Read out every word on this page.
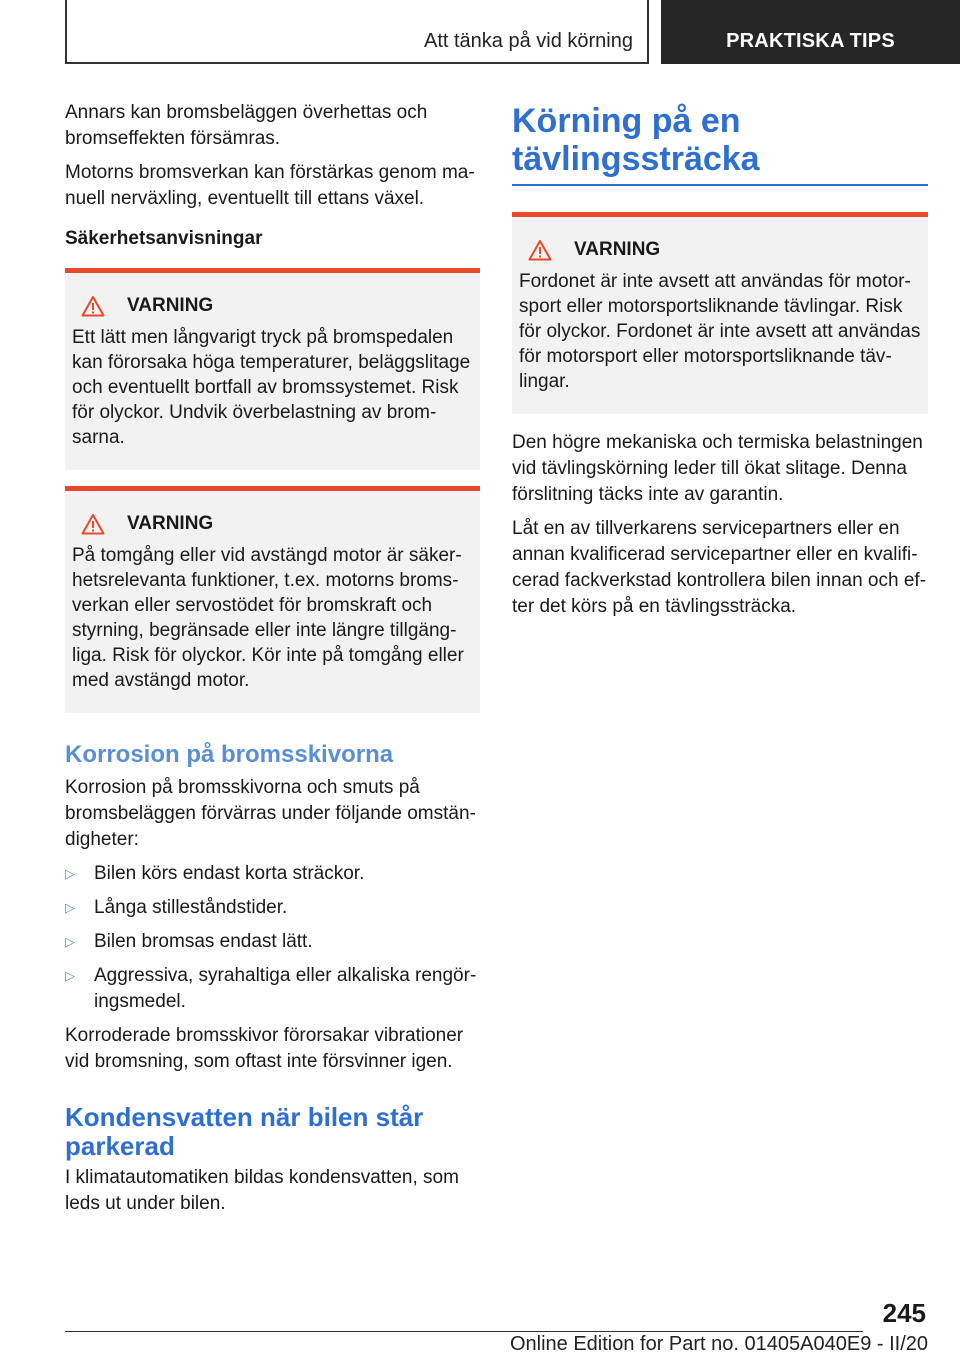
Att tänka på vid körning	PRAKTISKA TIPS

Annars kan bromsbeläggen överhettas och bromseffekten försämras.

Motorns bromsverkan kan förstärkas genom manuell nerväxling, eventuellt till ettans växel.

Säkerhetsanvisningar
VARNING

Ett lätt men långvarigt tryck på bromspedalen kan förorsaka höga temperaturer, beläggslitage och eventuellt bortfall av bromssystemet. Risk för olyckor. Undvik överbelastning av bromsarna.

VARNING

På tomgång eller vid avstängd motor är säkerhetsrelevanta funktioner, t.ex. motorns bromsverkan eller servostödet för bromskraft och styrning, begränsade eller inte längre tillgängliga. Risk för olyckor. Kör inte på tomgång eller med avstängd motor.

Korrosion på bromsskivorna

Korrosion på bromsskivorna och smuts på bromsbeläggen förvärras under följande omständigheter:

▷ Bilen körs endast korta sträckor.
▷ Långa stilleståndstider.
▷ Bilen bromsas endast lätt.
▷ Aggressiva, syrahaltiga eller alkaliska rengöringsmedel.

Korroderade bromsskivor förorsakar vibrationer vid bromsning, som oftast inte försvinner igen.

Kondensvatten när bilen står parkerad

I klimatautomatiken bildas kondensvatten, som leds ut under bilen.

Körning på en tävlingssträcka
VARNING

Fordonet är inte avsett att användas för motorsport eller motorsportsliknande tävlingar. Risk för olyckor. Fordonet är inte avsett att användas för motorsport eller motorsportsliknande tävlingar.

Den högre mekaniska och termiska belastningen vid tävlingskörning leder till ökat slitage. Denna förslitning täcks inte av garantin.

Låt en av tillverkarens servicepartners eller en annan kvalificerad servicepartner eller en kvalificerad fackverkstad kontrollera bilen innan och efter det körs på en tävlingssträcka.

245
Online Edition for Part no. 01405A040E9 - II/20
